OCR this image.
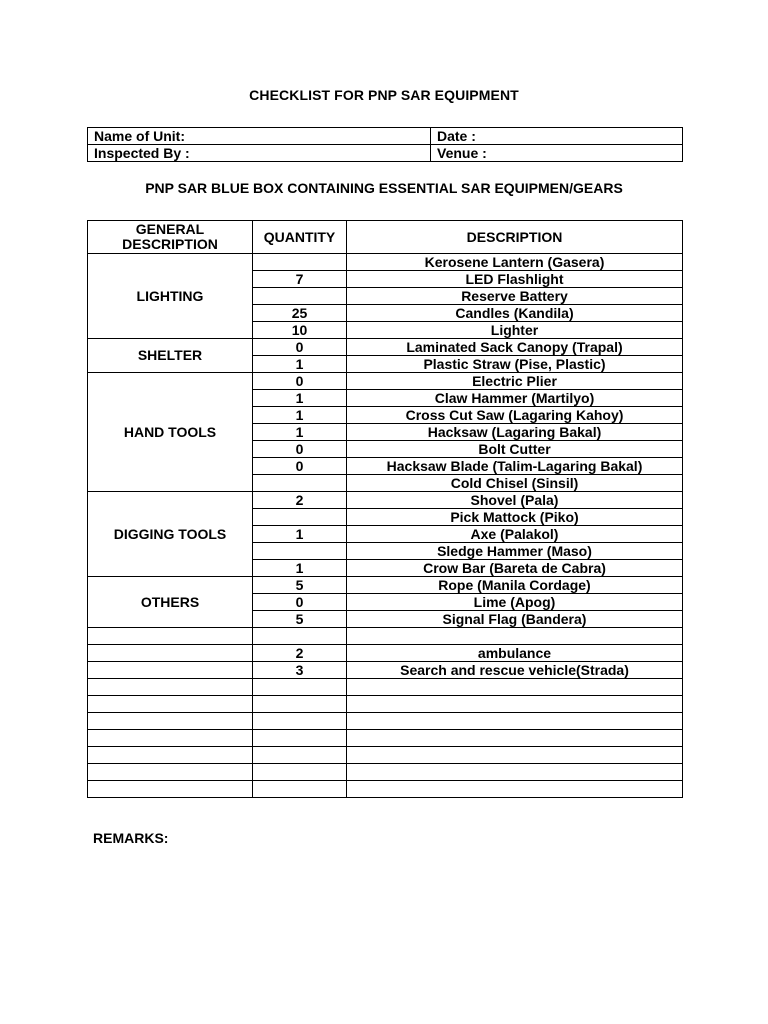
CHECKLIST FOR PNP SAR EQUIPMENT
Name of Unit:	Date :
Inspected By :	Venue :
PNP SAR BLUE BOX CONTAINING ESSENTIAL SAR EQUIPMEN/GEARS
GENERAL DESCRIPTION	QUANTITY	DESCRIPTION
LIGHTING		Kerosene Lantern (Gasera)
	7	LED Flashlight
		Reserve Battery
	25	Candles (Kandila)
	10	Lighter
SHELTER	0	Laminated Sack Canopy (Trapal)
	1	Plastic Straw (Pise, Plastic)
HAND TOOLS	0	Electric Plier
	1	Claw Hammer (Martilyo)
	1	Cross Cut Saw (Lagaring Kahoy)
	1	Hacksaw (Lagaring Bakal)
	0	Bolt Cutter
	0	Hacksaw Blade (Talim-Lagaring Bakal)
		Cold Chisel (Sinsil)
DIGGING TOOLS	2	Shovel (Pala)
		Pick Mattock (Piko)
	1	Axe (Palakol)
		Sledge Hammer (Maso)
	1	Crow Bar (Bareta de Cabra)
OTHERS	5	Rope (Manila Cordage)
	0	Lime (Apog)
	5	Signal Flag (Bandera)

	2	ambulance
	3	Search and rescue vehicle(Strada)

REMARKS:
